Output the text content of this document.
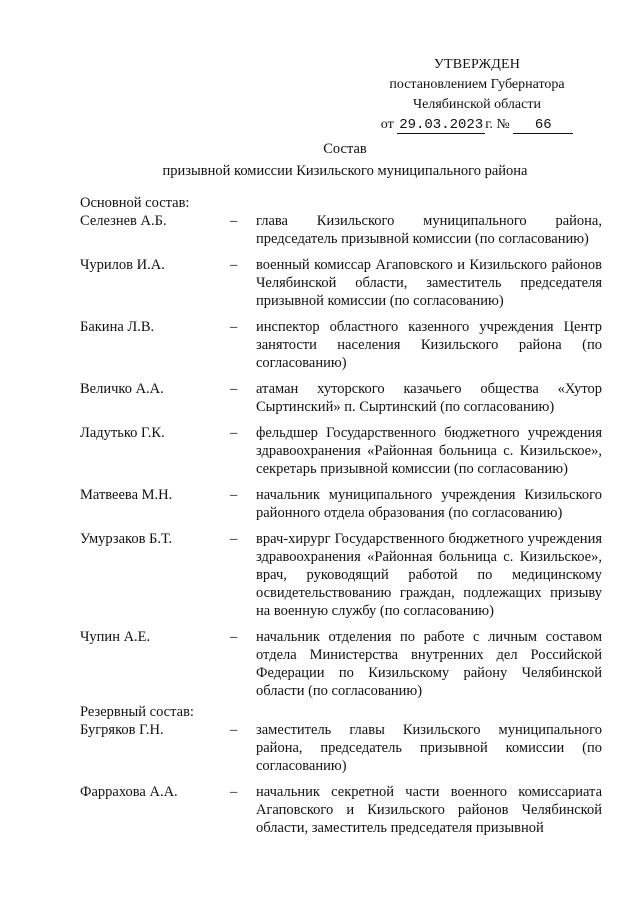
УТВЕРЖДЕН
постановлением Губернатора
Челябинской области
от 29.03.2023 г. № 66
Состав
призывной комиссии Кизильского муниципального района
Основной состав:
Селезнев А.Б.	–	глава Кизильского муниципального района, председатель призывной комиссии (по согласованию)
Чурилов И.А.	–	военный комиссар Агаповского и Кизильского районов Челябинской области, заместитель председателя призывной комиссии (по согласованию)
Бакина Л.В.	–	инспектор областного казенного учреждения Центр занятости населения Кизильского района (по согласованию)
Величко А.А.	–	атаман хуторского казачьего общества «Хутор Сыртинский» п. Сыртинский (по согласованию)
Ладутько Г.К.	–	фельдшер Государственного бюджетного учреждения здравоохранения «Районная больница с. Кизильское», секретарь призывной комиссии (по согласованию)
Матвеева М.Н.	–	начальник муниципального учреждения Кизильского районного отдела образования (по согласованию)
Умурзаков Б.Т.	–	врач-хирург Государственного бюджетного учреждения здравоохранения «Районная больница с. Кизильское», врач, руководящий работой по медицинскому освидетельствованию граждан, подлежащих призыву на военную службу (по согласованию)
Чупин А.Е.	–	начальник отделения по работе с личным составом отдела Министерства внутренних дел Российской Федерации по Кизильскому району Челябинской области (по согласованию)
Резервный состав:
Бугряков Г.Н.	–	заместитель главы Кизильского муниципального района, председатель призывной комиссии (по согласованию)
Фаррахова А.А.	–	начальник секретной части военного комиссариата Агаповского и Кизильского районов Челябинской области, заместитель председателя призывной
